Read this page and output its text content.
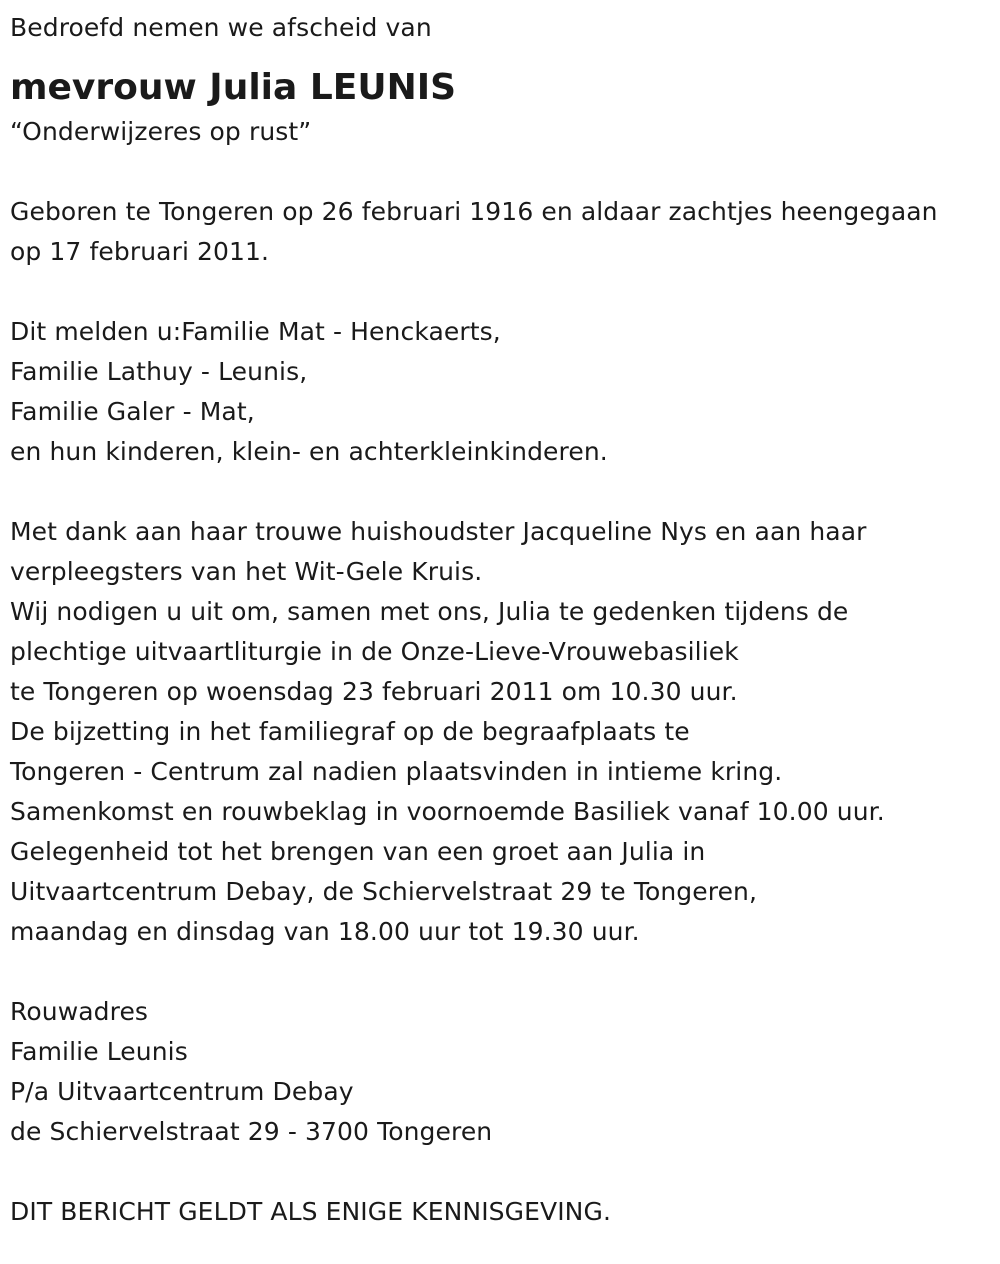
Bedroefd nemen we afscheid van
mevrouw Julia LEUNIS
“Onderwijzeres op rust”
Geboren te Tongeren op 26 februari 1916 en aldaar zachtjes heengegaan
op 17 februari 2011.
Dit melden u:Familie Mat - Henckaerts,
Familie Lathuy - Leunis,
Familie Galer - Mat,
en hun kinderen, klein- en achterkleinkinderen.
Met dank aan haar trouwe huishoudster Jacqueline Nys en aan haar
verpleegsters van het Wit-Gele Kruis.
Wij nodigen u uit om, samen met ons, Julia te gedenken tijdens de
plechtige uitvaartliturgie in de Onze-Lieve-Vrouwebasiliek
te Tongeren op woensdag 23 februari 2011 om 10.30 uur.
De bijzetting in het familiegraf op de begraafplaats te
Tongeren - Centrum zal nadien plaatsvinden in intieme kring.
Samenkomst en rouwbeklag in voornoemde Basiliek vanaf 10.00 uur.
Gelegenheid tot het brengen van een groet aan Julia in
Uitvaartcentrum Debay, de Schiervelstraat 29 te Tongeren,
maandag en dinsdag van 18.00 uur tot 19.30 uur.
Rouwadres
Familie Leunis
P/a Uitvaartcentrum Debay
de Schiervelstraat 29 - 3700 Tongeren
DIT BERICHT GELDT ALS ENIGE KENNISGEVING.
